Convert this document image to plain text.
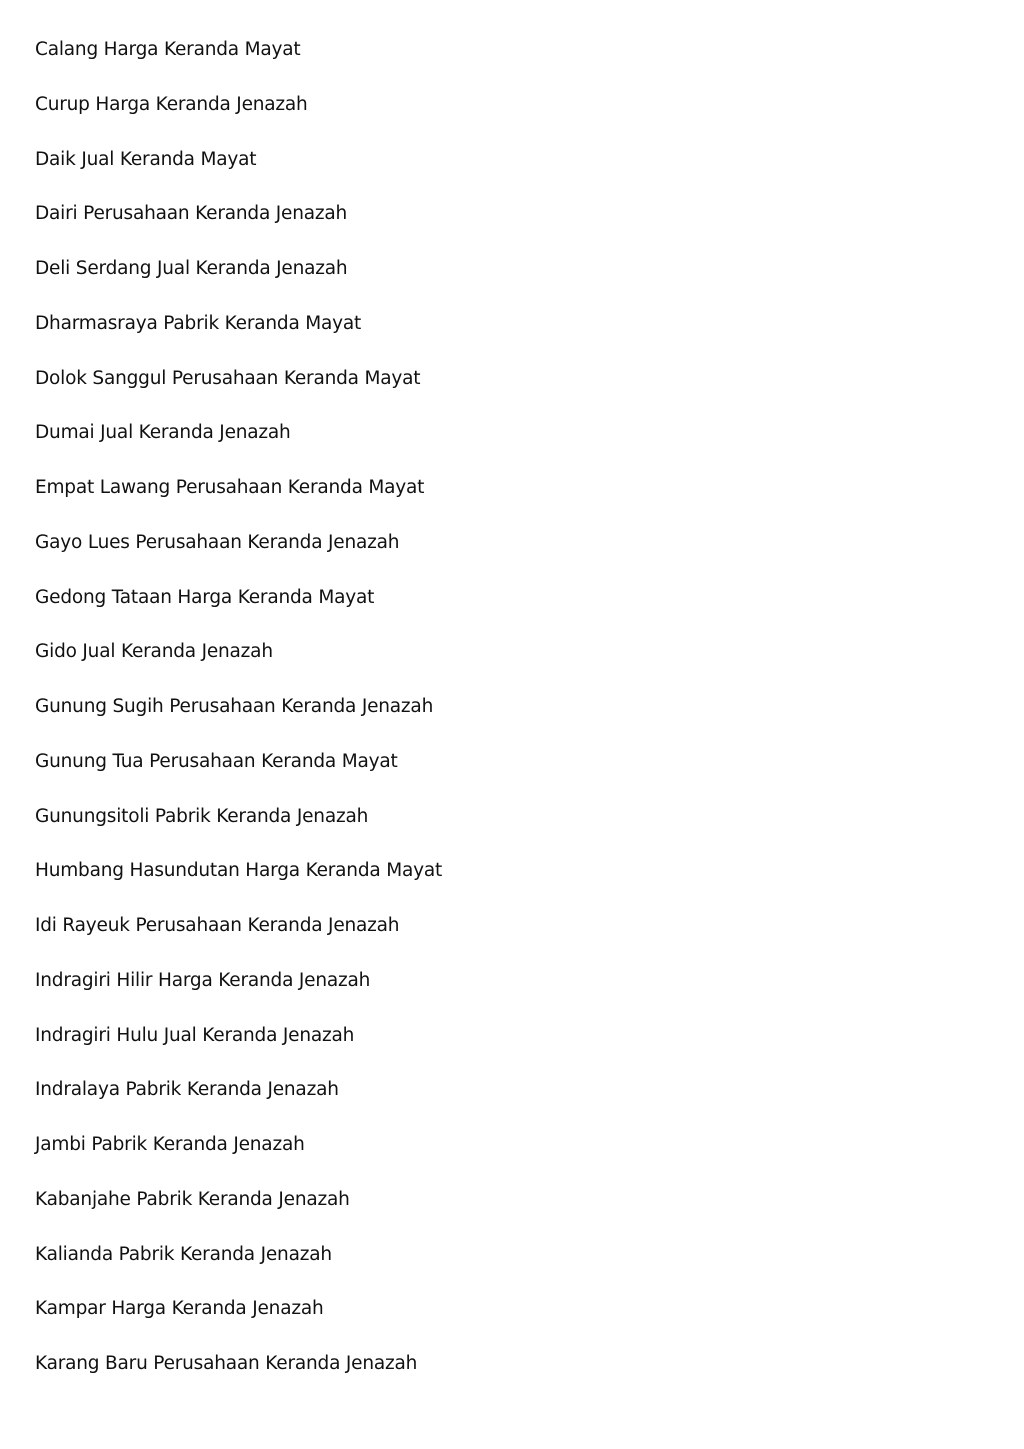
Calang Harga Keranda Mayat
Curup Harga Keranda Jenazah
Daik Jual Keranda Mayat
Dairi Perusahaan Keranda Jenazah
Deli Serdang Jual Keranda Jenazah
Dharmasraya Pabrik Keranda Mayat
Dolok Sanggul Perusahaan Keranda Mayat
Dumai Jual Keranda Jenazah
Empat Lawang Perusahaan Keranda Mayat
Gayo Lues Perusahaan Keranda Jenazah
Gedong Tataan Harga Keranda Mayat
Gido Jual Keranda Jenazah
Gunung Sugih Perusahaan Keranda Jenazah
Gunung Tua Perusahaan Keranda Mayat
Gunungsitoli Pabrik Keranda Jenazah
Humbang Hasundutan Harga Keranda Mayat
Idi Rayeuk Perusahaan Keranda Jenazah
Indragiri Hilir Harga Keranda Jenazah
Indragiri Hulu Jual Keranda Jenazah
Indralaya Pabrik Keranda Jenazah
Jambi Pabrik Keranda Jenazah
Kabanjahe Pabrik Keranda Jenazah
Kalianda Pabrik Keranda Jenazah
Kampar Harga Keranda Jenazah
Karang Baru Perusahaan Keranda Jenazah
